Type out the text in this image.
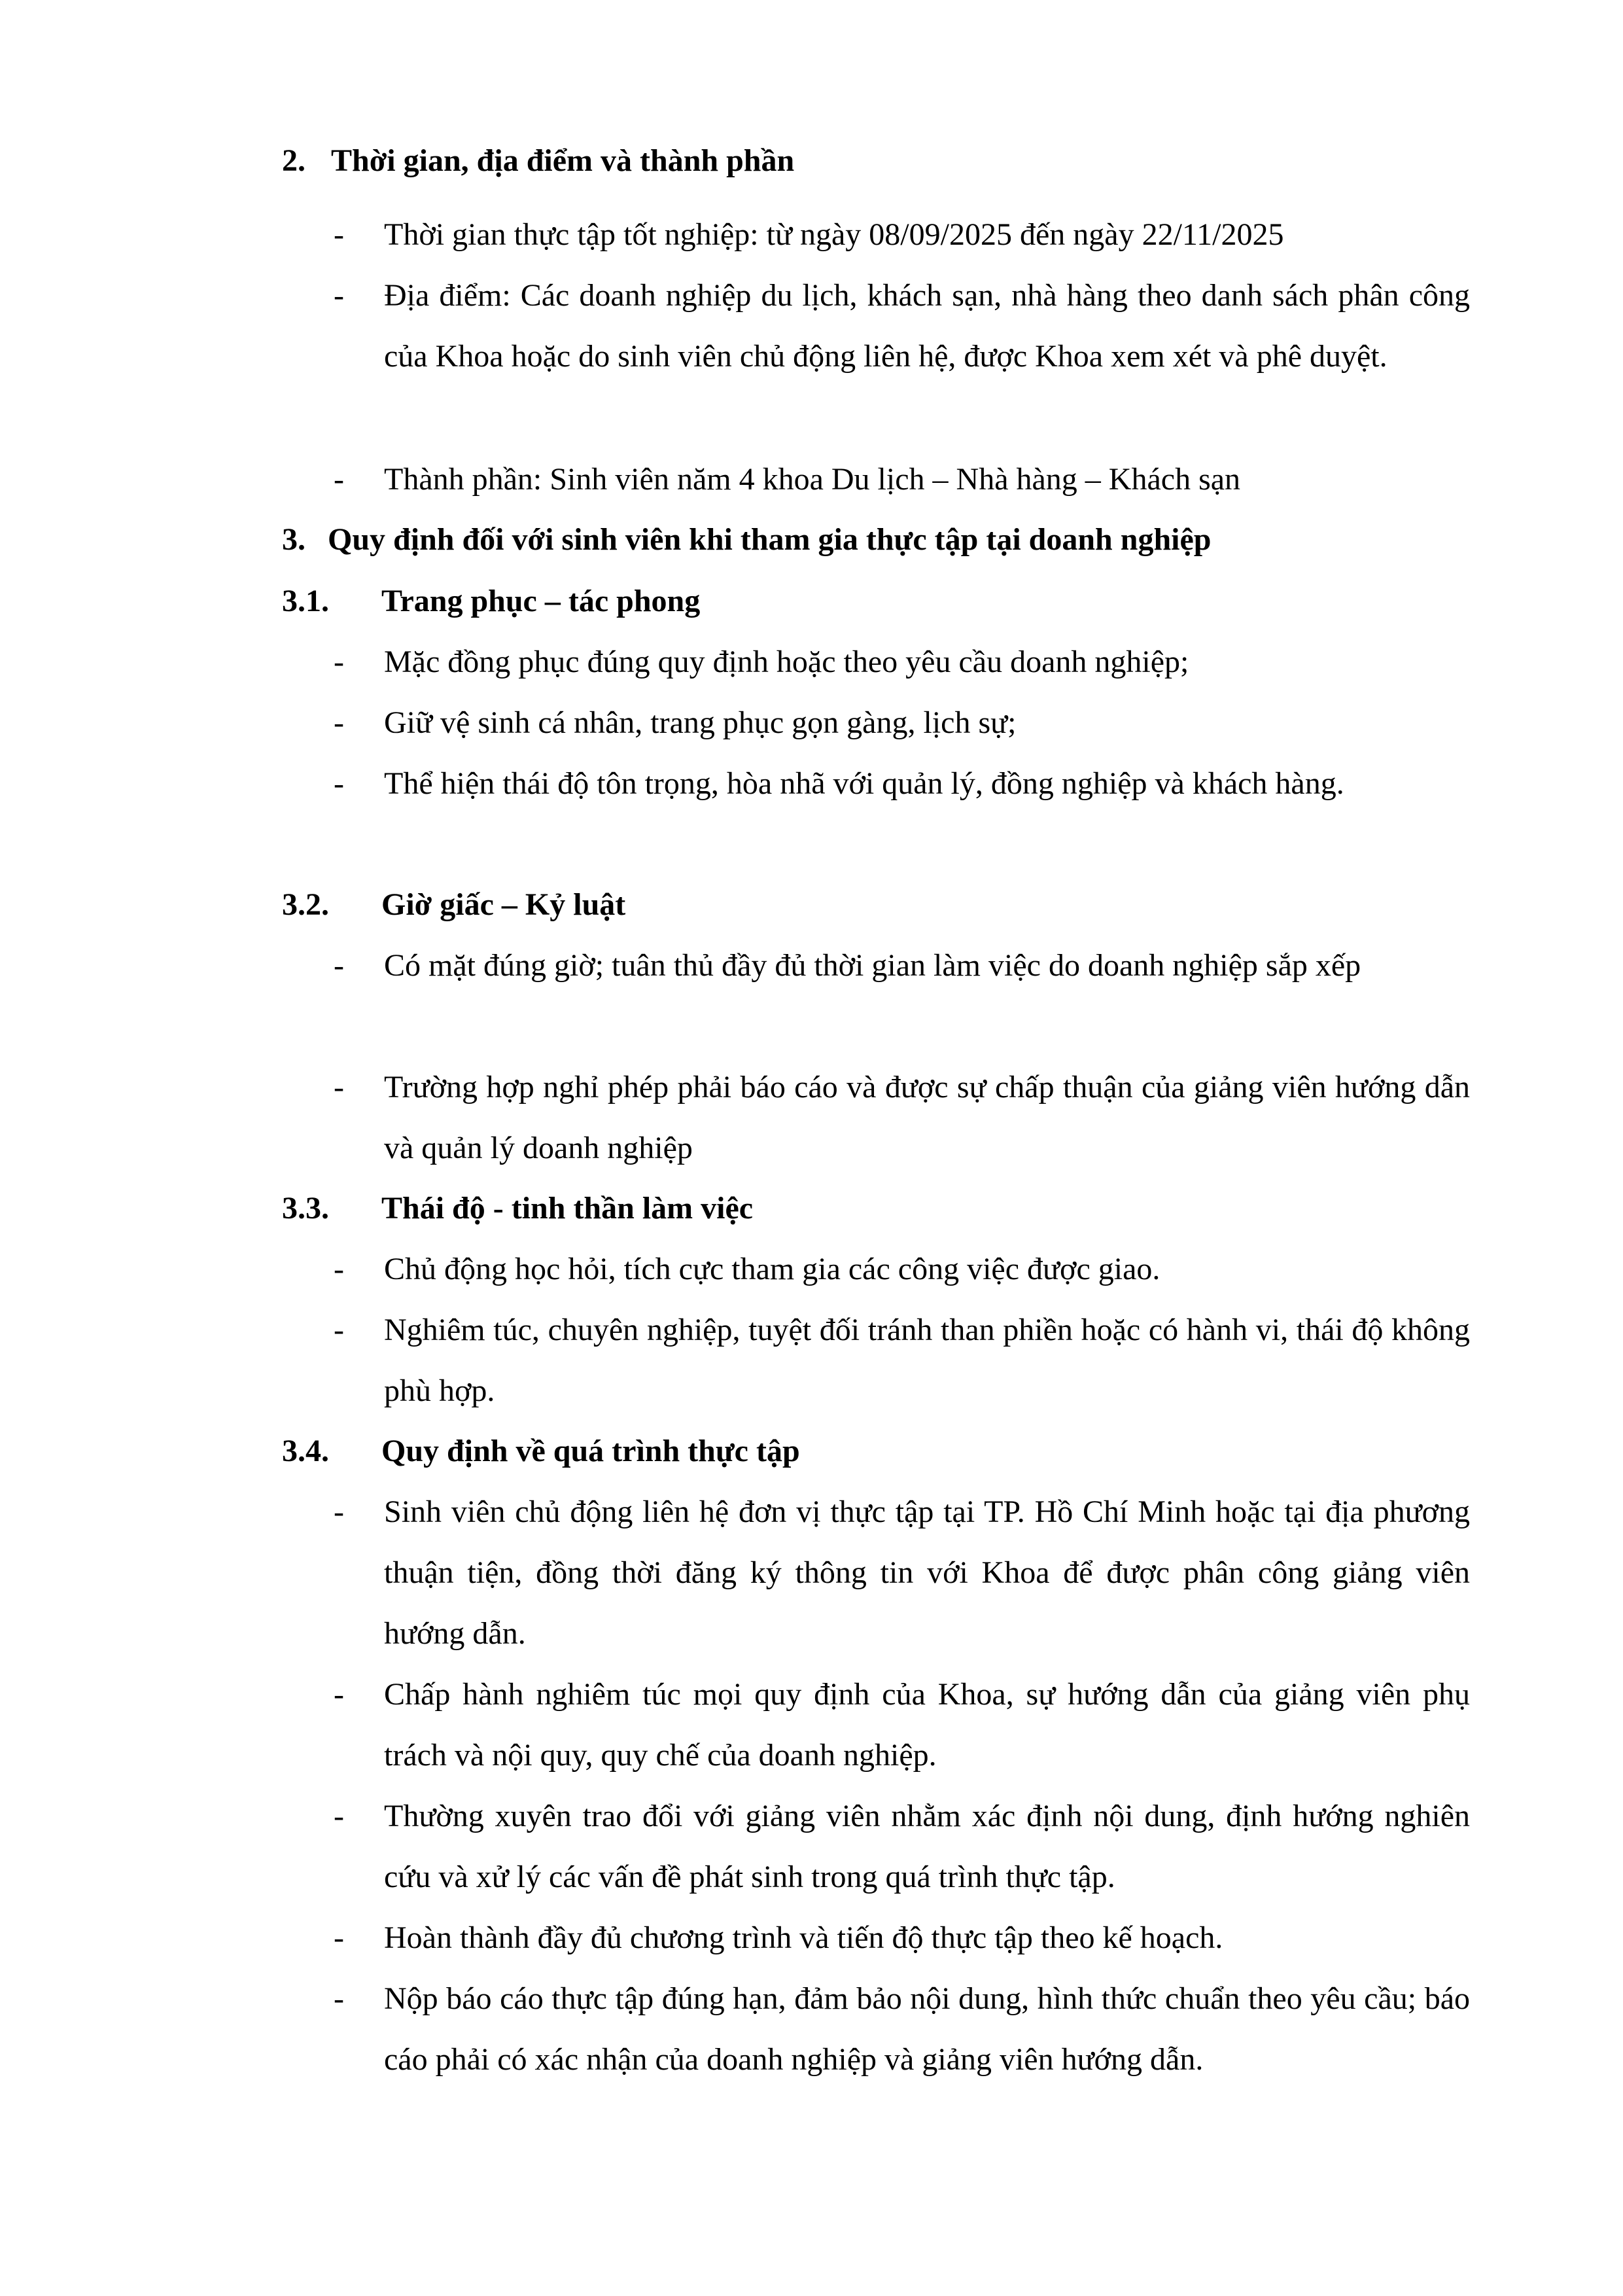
2. Thời gian, địa điểm và thành phần
- Thời gian thực tập tốt nghiệp: từ ngày 08/09/2025 đến ngày 22/11/2025

- Địa điểm: Các doanh nghiệp du lịch, khách sạn, nhà hàng theo danh sách phân công của Khoa hoặc do sinh viên chủ động liên hệ, được Khoa xem xét và phê duyệt.

- Thành phần: Sinh viên năm 4 khoa Du lịch – Nhà hàng – Khách sạn

3. Quy định đối với sinh viên khi tham gia thực tập tại doanh nghiệp
3.1. Trang phục – tác phong
- Mặc đồng phục đúng quy định hoặc theo yêu cầu doanh nghiệp;

- Giữ vệ sinh cá nhân, trang phục gọn gàng, lịch sự;

- Thể hiện thái độ tôn trọng, hòa nhã với quản lý, đồng nghiệp và khách hàng.

3.2. Giờ giấc – Kỷ luật
- Có mặt đúng giờ; tuân thủ đầy đủ thời gian làm việc do doanh nghiệp sắp xếp

- Trường hợp nghỉ phép phải báo cáo và được sự chấp thuận của giảng viên hướng dẫn và quản lý doanh nghiệp

3.3. Thái độ - tinh thần làm việc
- Chủ động học hỏi, tích cực tham gia các công việc được giao.

- Nghiêm túc, chuyên nghiệp, tuyệt đối tránh than phiền hoặc có hành vi, thái độ không phù hợp.

3.4. Quy định về quá trình thực tập
- Sinh viên chủ động liên hệ đơn vị thực tập tại TP. Hồ Chí Minh hoặc tại địa phương thuận tiện, đồng thời đăng ký thông tin với Khoa để được phân công giảng viên hướng dẫn.

- Chấp hành nghiêm túc mọi quy định của Khoa, sự hướng dẫn của giảng viên phụ trách và nội quy, quy chế của doanh nghiệp.

- Thường xuyên trao đổi với giảng viên nhằm xác định nội dung, định hướng nghiên cứu và xử lý các vấn đề phát sinh trong quá trình thực tập.

- Hoàn thành đầy đủ chương trình và tiến độ thực tập theo kế hoạch.

- Nộp báo cáo thực tập đúng hạn, đảm bảo nội dung, hình thức chuẩn theo yêu cầu; báo cáo phải có xác nhận của doanh nghiệp và giảng viên hướng dẫn.
